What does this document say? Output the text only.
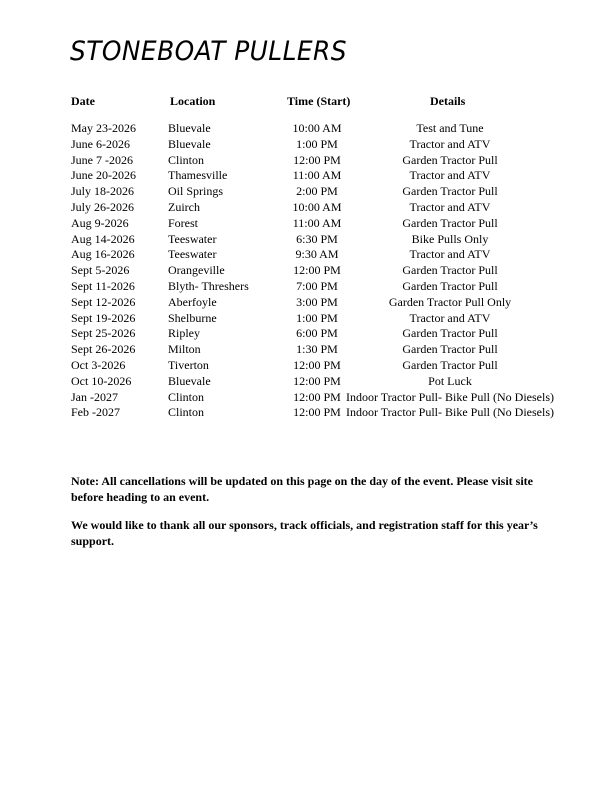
STONEBOAT PULLERS
Date	Location	Time (Start)	Details
May 23-2026	Bluevale	10:00 AM	Test and Tune
June 6-2026	Bluevale	1:00 PM	Tractor and ATV
June 7 -2026	Clinton	12:00 PM	Garden Tractor Pull
June 20-2026	Thamesville	11:00 AM	Tractor and ATV
July 18-2026	Oil Springs	2:00 PM	Garden Tractor Pull
July 26-2026	Zuirch	10:00 AM	Tractor and ATV
Aug 9-2026	Forest	11:00 AM	Garden Tractor Pull
Aug 14-2026	Teeswater	6:30 PM	Bike Pulls Only
Aug 16-2026	Teeswater	9:30 AM	Tractor and ATV
Sept 5-2026	Orangeville	12:00 PM	Garden Tractor Pull
Sept 11-2026	Blyth- Threshers	7:00 PM	Garden Tractor Pull
Sept 12-2026	Aberfoyle	3:00 PM	Garden Tractor Pull Only
Sept 19-2026	Shelburne	1:00 PM	Tractor and ATV
Sept 25-2026	Ripley	6:00 PM	Garden Tractor Pull
Sept 26-2026	Milton	1:30 PM	Garden Tractor Pull
Oct 3-2026	Tiverton	12:00 PM	Garden Tractor Pull
Oct 10-2026	Bluevale	12:00 PM	Pot Luck
Jan -2027	Clinton	12:00 PM Indoor Tractor Pull- Bike Pull (No Diesels)
Feb -2027	Clinton	12:00 PM Indoor Tractor Pull- Bike Pull (No Diesels)
Note: All cancellations will be updated on this page on the day of the event. Please visit site before heading to an event.
We would like to thank all our sponsors, track officials, and registration staff for this year’s support.
